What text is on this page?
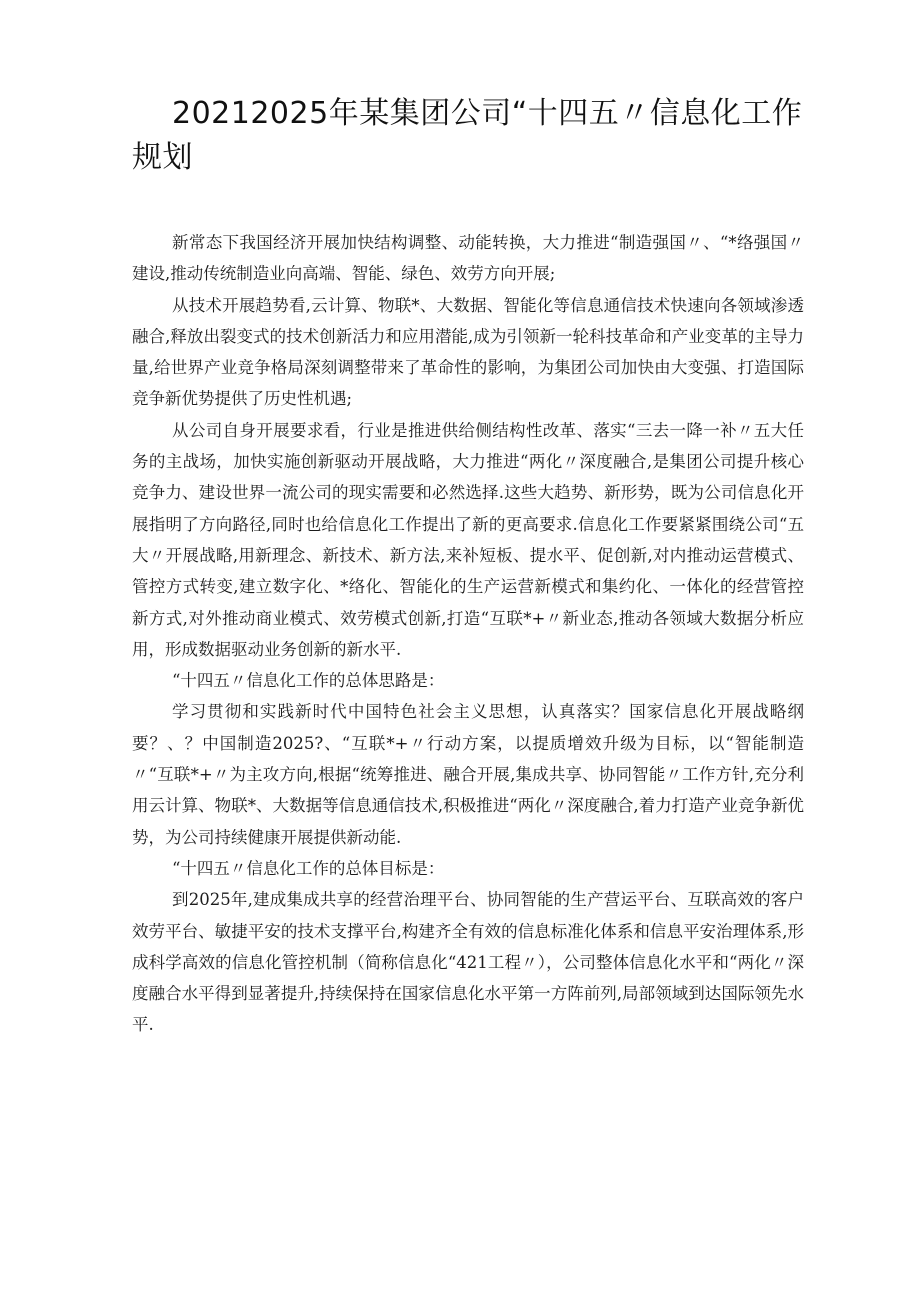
20212025年某集团公司“十四五〃信息化工作规划

新常态下我国经济开展加快结构调整、动能转换，大力推进“制造强国〃、“*络强国〃建设,推动传统制造业向高端、智能、绿色、效劳方向开展;

从技术开展趋势看,云计算、物联*、大数据、智能化等信息通信技术快速向各领域渗透融合,释放出裂变式的技术创新活力和应用潜能,成为引领新一轮科技革命和产业变革的主导力量,给世界产业竞争格局深刻调整带来了革命性的影响，为集团公司加快由大变强、打造国际竞争新优势提供了历史性机遇;

从公司自身开展要求看，行业是推进供给侧结构性改革、落实“三去一降一补〃五大任务的主战场，加快实施创新驱动开展战略，大力推进“两化〃深度融合,是集团公司提升核心竞争力、建设世界一流公司的现实需要和必然选择.这些大趋势、新形势，既为公司信息化开展指明了方向路径,同时也给信息化工作提出了新的更高要求.信息化工作要紧紧围绕公司“五大〃开展战略,用新理念、新技术、新方法,来补短板、提水平、促创新,对内推动运营模式、管控方式转变,建立数字化、*络化、智能化的生产运营新模式和集约化、一体化的经营管控新方式,对外推动商业模式、效劳模式创新,打造“互联*+〃新业态,推动各领域大数据分析应用，形成数据驱动业务创新的新水平.

“十四五〃信息化工作的总体思路是：

学习贯彻和实践新时代中国特色社会主义思想，认真落实？国家信息化开展战略纲要？、？中国制造2025?、“互联*+〃行动方案，以提质增效升级为目标，以“智能制造〃“互联*+〃为主攻方向,根据“统筹推进、融合开展,集成共享、协同智能〃工作方针,充分利用云计算、物联*、大数据等信息通信技术,积极推进“两化〃深度融合,着力打造产业竞争新优势，为公司持续健康开展提供新动能.

“十四五〃信息化工作的总体目标是：

到2025年,建成集成共享的经营治理平台、协同智能的生产营运平台、互联高效的客户效劳平台、敏捷平安的技术支撑平台,构建齐全有效的信息标准化体系和信息平安治理体系,形成科学高效的信息化管控机制（简称信息化“421工程〃），公司整体信息化水平和“两化〃深度融合水平得到显著提升,持续保持在国家信息化水平第一方阵前列,局部领域到达国际领先水平.
